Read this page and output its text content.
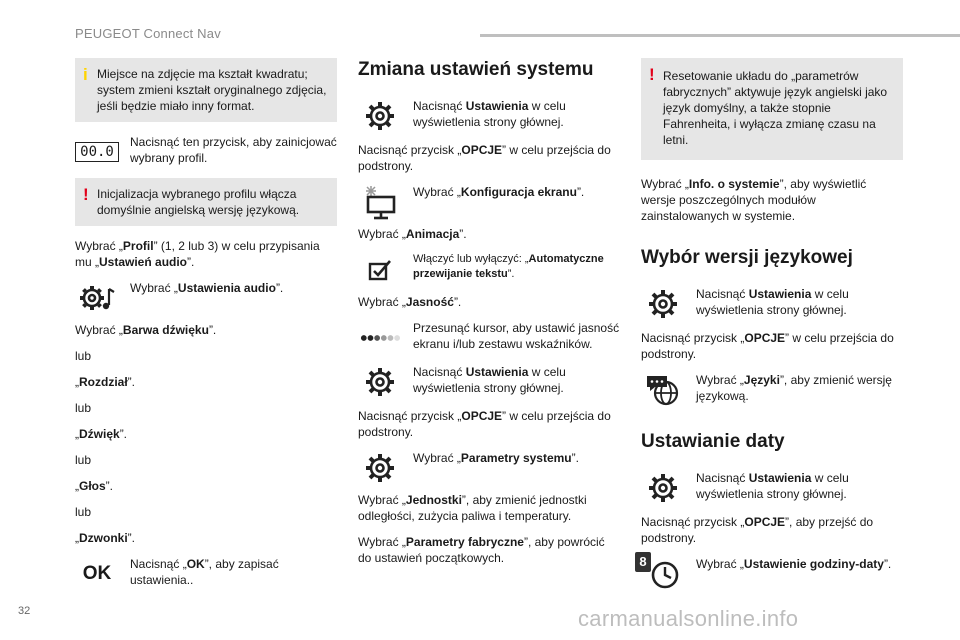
PEUGEOT Connect Nav
i Miejsce na zdjęcie ma kształt kwadratu; system zmieni kształt oryginalnego zdjęcia, jeśli będzie miało inny format.
00.0
Nacisnąć ten przycisk, aby zainicjować wybrany profil.
! Inicjalizacja wybranego profilu włącza domyślnie angielską wersję językową.

Wybrać „Profil” (1, 2 lub 3) w celu przypisania mu „Ustawień audio”.

Wybrać „Ustawienia audio”.

Wybrać „Barwa dźwięku”.

lub

„Rozdział”.

lub

„Dźwięk”.

lub

„Głos”.

lub

„Dzwonki”.

OK Nacisnąć „OK”, aby zapisać ustawienia..
Zmiana ustawień systemu
Nacisnąć Ustawienia w celu wyświetlenia strony głównej.

Nacisnąć przycisk „OPCJE” w celu przejścia do podstrony.

Wybrać „Konfiguracja ekranu”.

Wybrać „Animacja”.

Włączyć lub wyłączyć: „Automatyczne przewijanie tekstu”.

Wybrać „Jasność”.

Przesunąć kursor, aby ustawić jasność ekranu i/lub zestawu wskaźników.
Nacisnąć Ustawienia w celu wyświetlenia strony głównej.

Nacisnąć przycisk „OPCJE” w celu przejścia do podstrony.

Wybrać „Parametry systemu”.

Wybrać „Jednostki”, aby zmienić jednostki odległości, zużycia paliwa i temperatury.

Wybrać „Parametry fabryczne”, aby powrócić do ustawień początkowych.

! Resetowanie układu do „parametrów fabrycznych” aktywuje język angielski jako język domyślny, a także stopnie Fahrenheita, i wyłącza zmianę czasu na letni.

Wybrać „Info. o systemie”, aby wyświetlić wersje poszczególnych modułów zainstalowanych w systemie.

Wybór wersji językowej
Nacisnąć Ustawienia w celu wyświetlenia strony głównej.

Nacisnąć przycisk „OPCJE” w celu przejścia do podstrony.

Wybrać „Języki”, aby zmienić wersję językową.
Ustawianie daty
Nacisnąć Ustawienia w celu wyświetlenia strony głównej.

Nacisnąć przycisk „OPCJE”, aby przejść do podstrony.

8	Wybrać „Ustawienie godziny-daty”.
32	carmanualsonline.info
